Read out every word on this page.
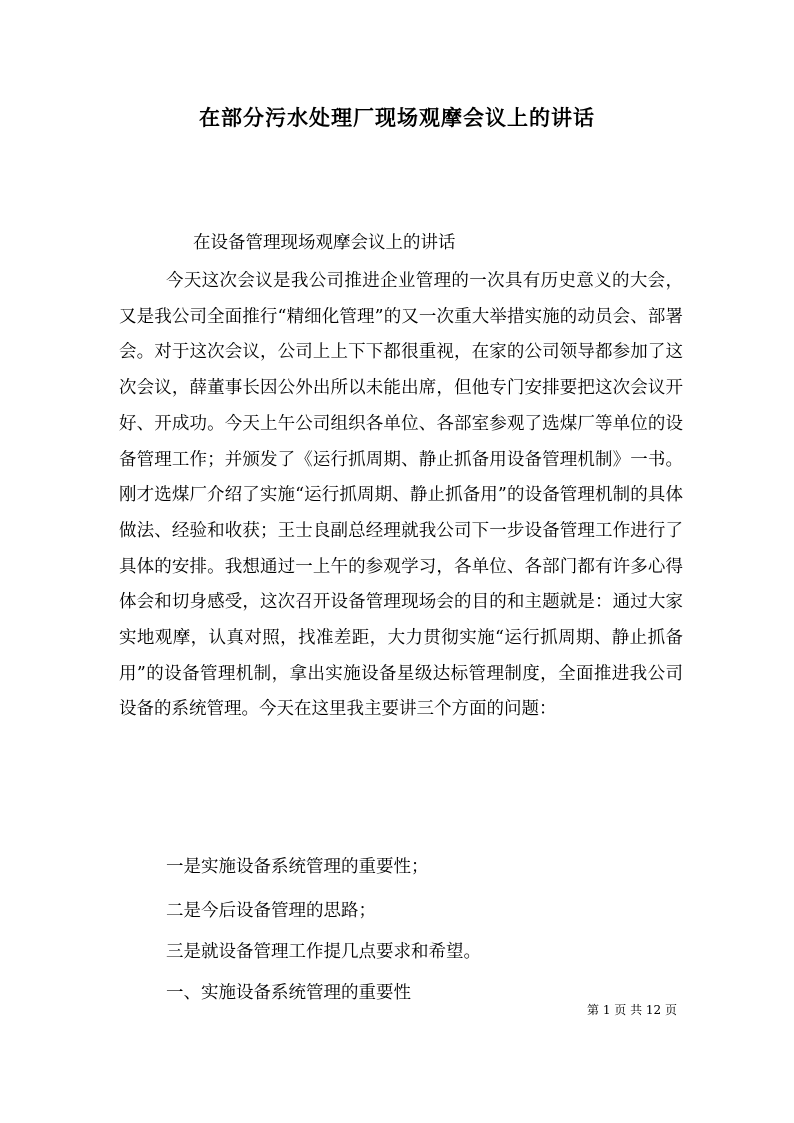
在部分污水处理厂现场观摩会议上的讲话

在设备管理现场观摩会议上的讲话

今天这次会议是我公司推进企业管理的一次具有历史意义的大会，又是我公司全面推行“精细化管理”的又一次重大举措实施的动员会、部署会。对于这次会议，公司上上下下都很重视，在家的公司领导都参加了这次会议，薛董事长因公外出所以未能出席，但他专门安排要把这次会议开好、开成功。今天上午公司组织各单位、各部室参观了选煤厂等单位的设备管理工作；并颁发了《运行抓周期、静止抓备用设备管理机制》一书。刚才选煤厂介绍了实施“运行抓周期、静止抓备用”的设备管理机制的具体做法、经验和收获；王士良副总经理就我公司下一步设备管理工作进行了具体的安排。我想通过一上午的参观学习，各单位、各部门都有许多心得体会和切身感受，这次召开设备管理现场会的目的和主题就是：通过大家实地观摩，认真对照，找准差距，大力贯彻实施“运行抓周期、静止抓备用”的设备管理机制，拿出实施设备星级达标管理制度，全面推进我公司设备的系统管理。今天在这里我主要讲三个方面的问题：

一是实施设备系统管理的重要性；

二是今后设备管理的思路；

三是就设备管理工作提几点要求和希望。

一、实施设备系统管理的重要性

第 1 页 共 12 页
